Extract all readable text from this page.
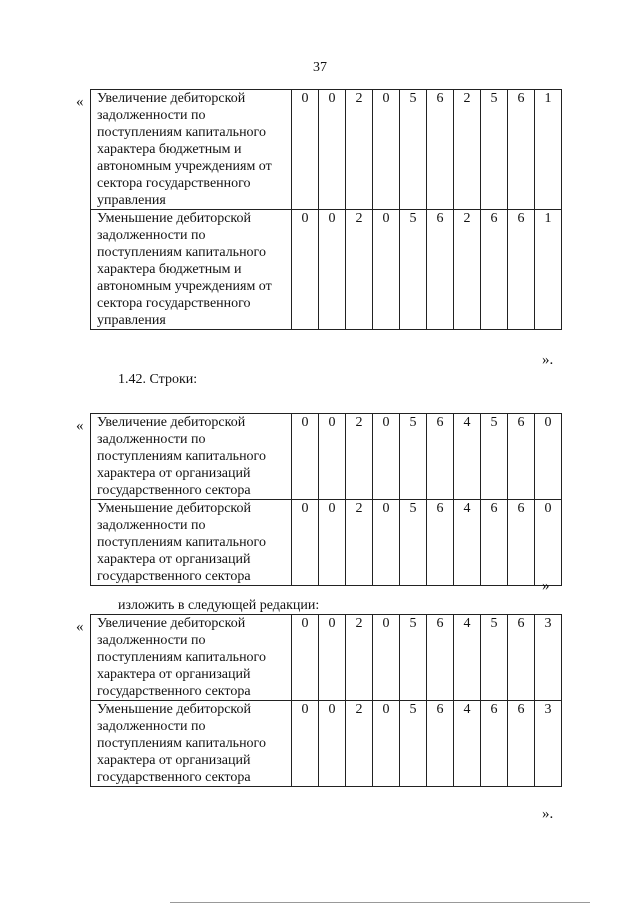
37
« Увеличение дебиторской задолженности по поступлениям капитального характера бюджетным и автономным учреждениям от сектора государственного управления	0	0	2	0	5	6	2	5	6	1
Уменьшение дебиторской задолженности по поступлениям капитального характера бюджетным и автономным учреждениям от сектора государственного управления	0	0	2	0	5	6	2	6	6	1
».
1.42. Строки:
« Увеличение дебиторской задолженности по поступлениям капитального характера от организаций государственного сектора	0	0	2	0	5	6	4	5	6	0
Уменьшение дебиторской задолженности по поступлениям капитального характера от организаций государственного сектора	0	0	2	0	5	6	4	6	6	0
»
изложить в следующей редакции:
« Увеличение дебиторской задолженности по поступлениям капитального характера от организаций государственного сектора	0	0	2	0	5	6	4	5	6	3
Уменьшение дебиторской задолженности по поступлениям капитального характера от организаций государственного сектора	0	0	2	0	5	6	4	6	6	3
».
